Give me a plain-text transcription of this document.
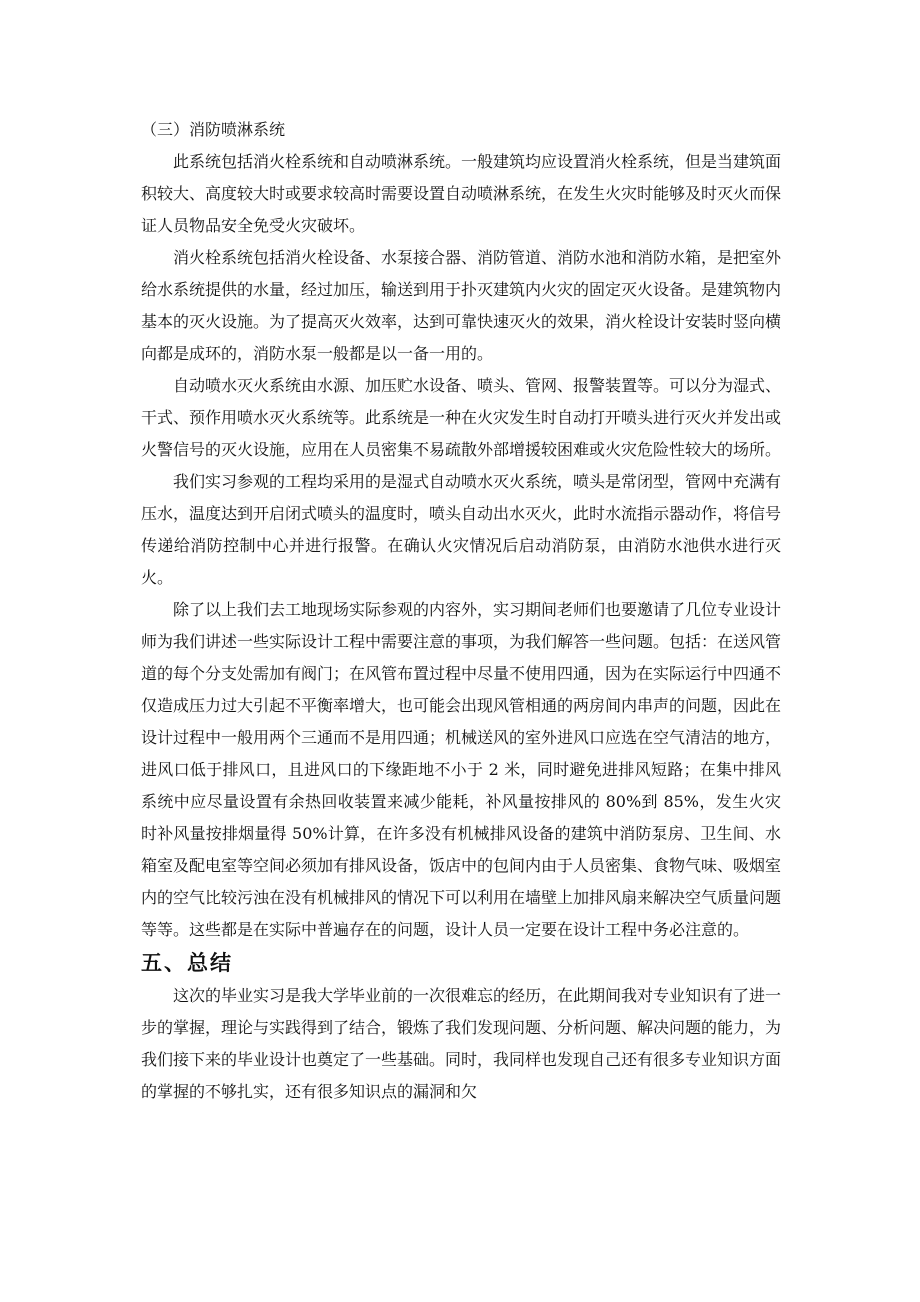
（三）消防喷淋系统

此系统包括消火栓系统和自动喷淋系统。一般建筑均应设置消火栓系统，但是当建筑面积较大、高度较大时或要求较高时需要设置自动喷淋系统，在发生火灾时能够及时灭火而保证人员物品安全免受火灾破坏。

消火栓系统包括消火栓设备、水泵接合器、消防管道、消防水池和消防水箱，是把室外给水系统提供的水量，经过加压，输送到用于扑灭建筑内火灾的固定灭火设备。是建筑物内基本的灭火设施。为了提高灭火效率，达到可靠快速灭火的效果，消火栓设计安装时竖向横向都是成环的，消防水泵一般都是以一备一用的。

自动喷水灭火系统由水源、加压贮水设备、喷头、管网、报警装置等。可以分为湿式、干式、预作用喷水灭火系统等。此系统是一种在火灾发生时自动打开喷头进行灭火并发出或火警信号的灭火设施，应用在人员密集不易疏散外部增援较困难或火灾危险性较大的场所。

我们实习参观的工程均采用的是湿式自动喷水灭火系统，喷头是常闭型，管网中充满有压水，温度达到开启闭式喷头的温度时，喷头自动出水灭火，此时水流指示器动作，将信号传递给消防控制中心并进行报警。在确认火灾情况后启动消防泵，由消防水池供水进行灭火。

除了以上我们去工地现场实际参观的内容外，实习期间老师们也要邀请了几位专业设计师为我们讲述一些实际设计工程中需要注意的事项，为我们解答一些问题。包括：在送风管道的每个分支处需加有阀门；在风管布置过程中尽量不使用四通，因为在实际运行中四通不仅造成压力过大引起不平衡率增大，也可能会出现风管相通的两房间内串声的问题，因此在设计过程中一般用两个三通而不是用四通；机械送风的室外进风口应选在空气清洁的地方，进风口低于排风口，且进风口的下缘距地不小于 2 米，同时避免进排风短路；在集中排风系统中应尽量设置有余热回收装置来减少能耗，补风量按排风的 80%到 85%，发生火灾时补风量按排烟量得 50%计算，在许多没有机械排风设备的建筑中消防泵房、卫生间、水箱室及配电室等空间必须加有排风设备，饭店中的包间内由于人员密集、食物气味、吸烟室内的空气比较污浊在没有机械排风的情况下可以利用在墙壁上加排风扇来解决空气质量问题等等。这些都是在实际中普遍存在的问题，设计人员一定要在设计工程中务必注意的。

五、总结

这次的毕业实习是我大学毕业前的一次很难忘的经历，在此期间我对专业知识有了进一步的掌握，理论与实践得到了结合，锻炼了我们发现问题、分析问题、解决问题的能力，为我们接下来的毕业设计也奠定了一些基础。同时，我同样也发现自己还有很多专业知识方面的掌握的不够扎实，还有很多知识点的漏洞和欠
